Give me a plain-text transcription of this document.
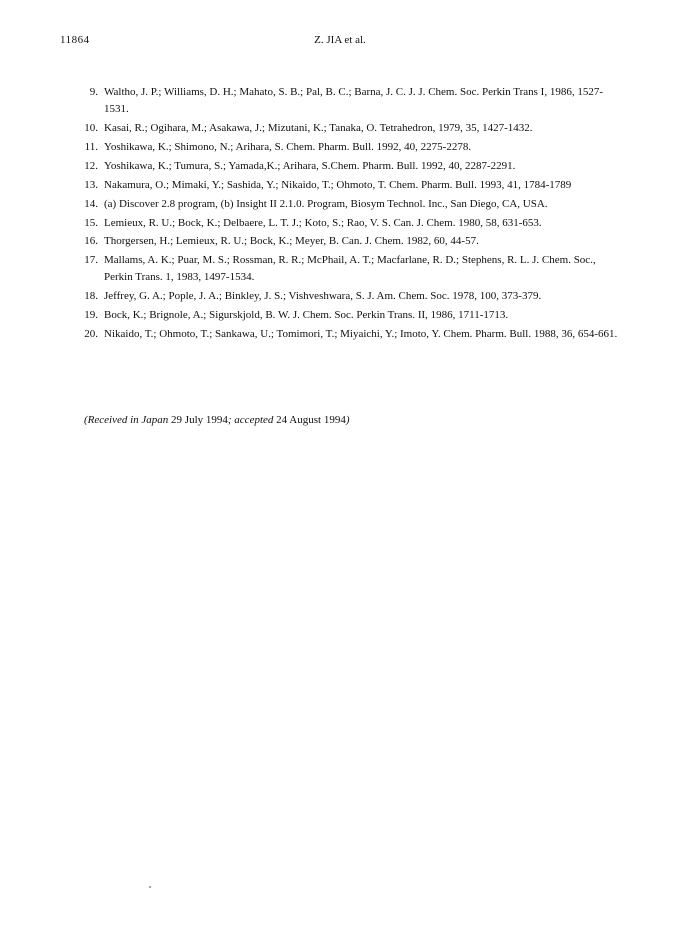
11864	Z. JIA et al.
9. Waltho, J. P.; Williams, D. H.; Mahato, S. B.; Pal, B. C.; Barna, J. C. J. J. Chem. Soc. Perkin Trans I, 1986, 1527-1531.
10. Kasai, R.; Ogihara, M.; Asakawa, J.; Mizutani, K.; Tanaka, O. Tetrahedron, 1979, 35, 1427-1432.
11. Yoshikawa, K.; Shimono, N.; Arihara, S. Chem. Pharm. Bull. 1992, 40, 2275-2278.
12. Yoshikawa, K.; Tumura, S.; Yamada,K.; Arihara, S.Chem. Pharm. Bull. 1992, 40, 2287-2291.
13. Nakamura, O.; Mimaki, Y.; Sashida, Y.; Nikaido, T.; Ohmoto, T. Chem. Pharm. Bull. 1993, 41, 1784-1789
14. (a) Discover 2.8 program, (b) Insight II 2.1.0. Program, Biosym Technol. Inc., San Diego, CA, USA.
15. Lemieux, R. U.; Bock, K.; Delbaere, L. T. J.; Koto, S.; Rao, V. S. Can. J. Chem. 1980, 58, 631-653.
16. Thorgersen, H.; Lemieux, R. U.; Bock, K.; Meyer, B. Can. J. Chem. 1982, 60, 44-57.
17. Mallams, A. K.; Puar, M. S.; Rossman, R. R.; McPhail, A. T.; Macfarlane, R. D.; Stephens, R. L. J. Chem. Soc., Perkin Trans. 1, 1983, 1497-1534.
18. Jeffrey, G. A.; Pople, J. A.; Binkley, J. S.; Vishveshwara, S. J. Am. Chem. Soc. 1978, 100, 373-379.
19. Bock, K.; Brignole, A.; Sigurskjold, B. W. J. Chem. Soc. Perkin Trans. II, 1986, 1711-1713.
20. Nikaido, T.; Ohmoto, T.; Sankawa, U.; Tomimori, T.; Miyaichi, Y.; Imoto, Y. Chem. Pharm. Bull. 1988, 36, 654-661.
(Received in Japan 29 July 1994; accepted 24 August 1994)
